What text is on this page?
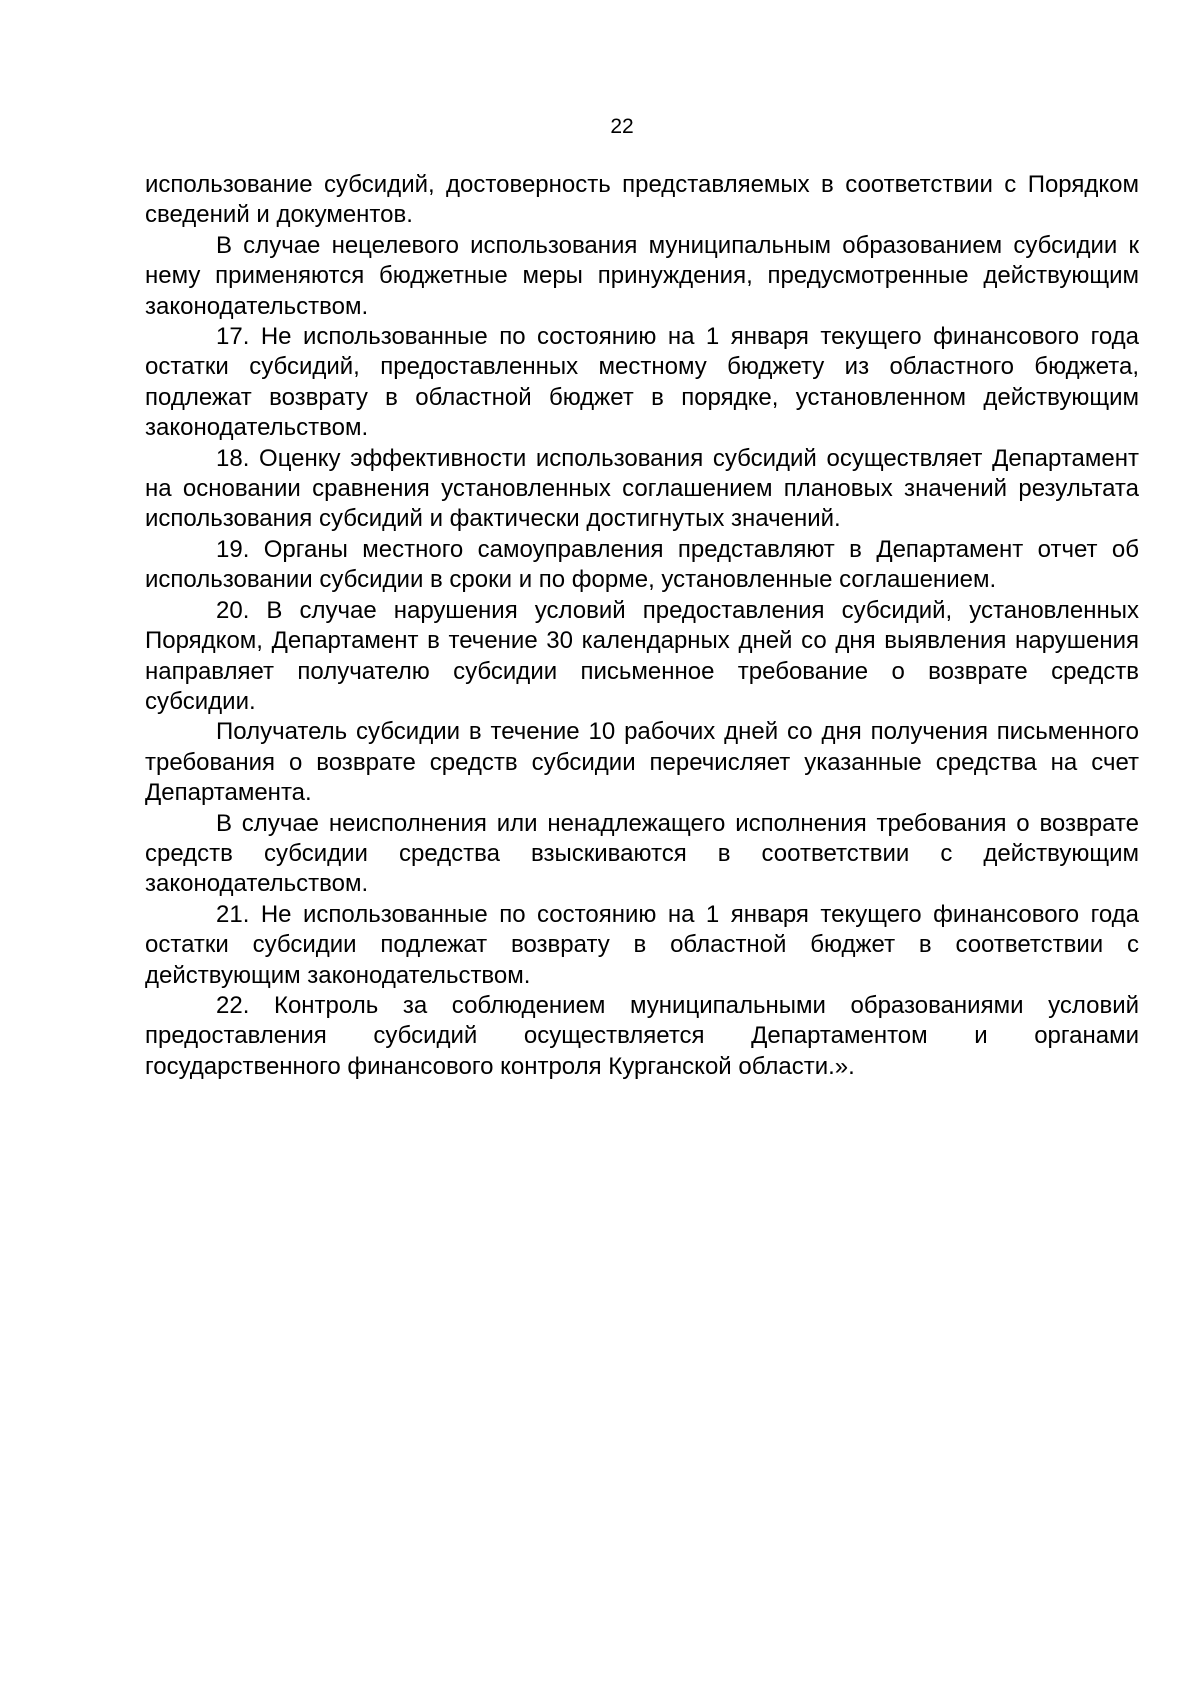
22

использование субсидий, достоверность представляемых в соответствии с Порядком сведений и документов.

В случае нецелевого использования муниципальным образованием субсидии к нему применяются бюджетные меры принуждения, предусмотренные действующим законодательством.

17. Не использованные по состоянию на 1 января текущего финансового года остатки субсидий, предоставленных местному бюджету из областного бюджета, подлежат возврату в областной бюджет в порядке, установленном действующим законодательством.

18. Оценку эффективности использования субсидий осуществляет Департамент на основании сравнения установленных соглашением плановых значений результата использования субсидий и фактически достигнутых значений.

19. Органы местного самоуправления представляют в Департамент отчет об использовании субсидии в сроки и по форме, установленные соглашением.

20. В случае нарушения условий предоставления субсидий, установленных Порядком, Департамент в течение 30 календарных дней со дня выявления нарушения направляет получателю субсидии письменное требование о возврате средств субсидии.

Получатель субсидии в течение 10 рабочих дней со дня получения письменного требования о возврате средств субсидии перечисляет указанные средства на счет Департамента.

В случае неисполнения или ненадлежащего исполнения требования о возврате средств субсидии средства взыскиваются в соответствии с действующим законодательством.

21. Не использованные по состоянию на 1 января текущего финансового года остатки субсидии подлежат возврату в областной бюджет в соответствии с действующим законодательством.

22. Контроль за соблюдением муниципальными образованиями условий предоставления субсидий осуществляется Департаментом и органами государственного финансового контроля Курганской области.».
